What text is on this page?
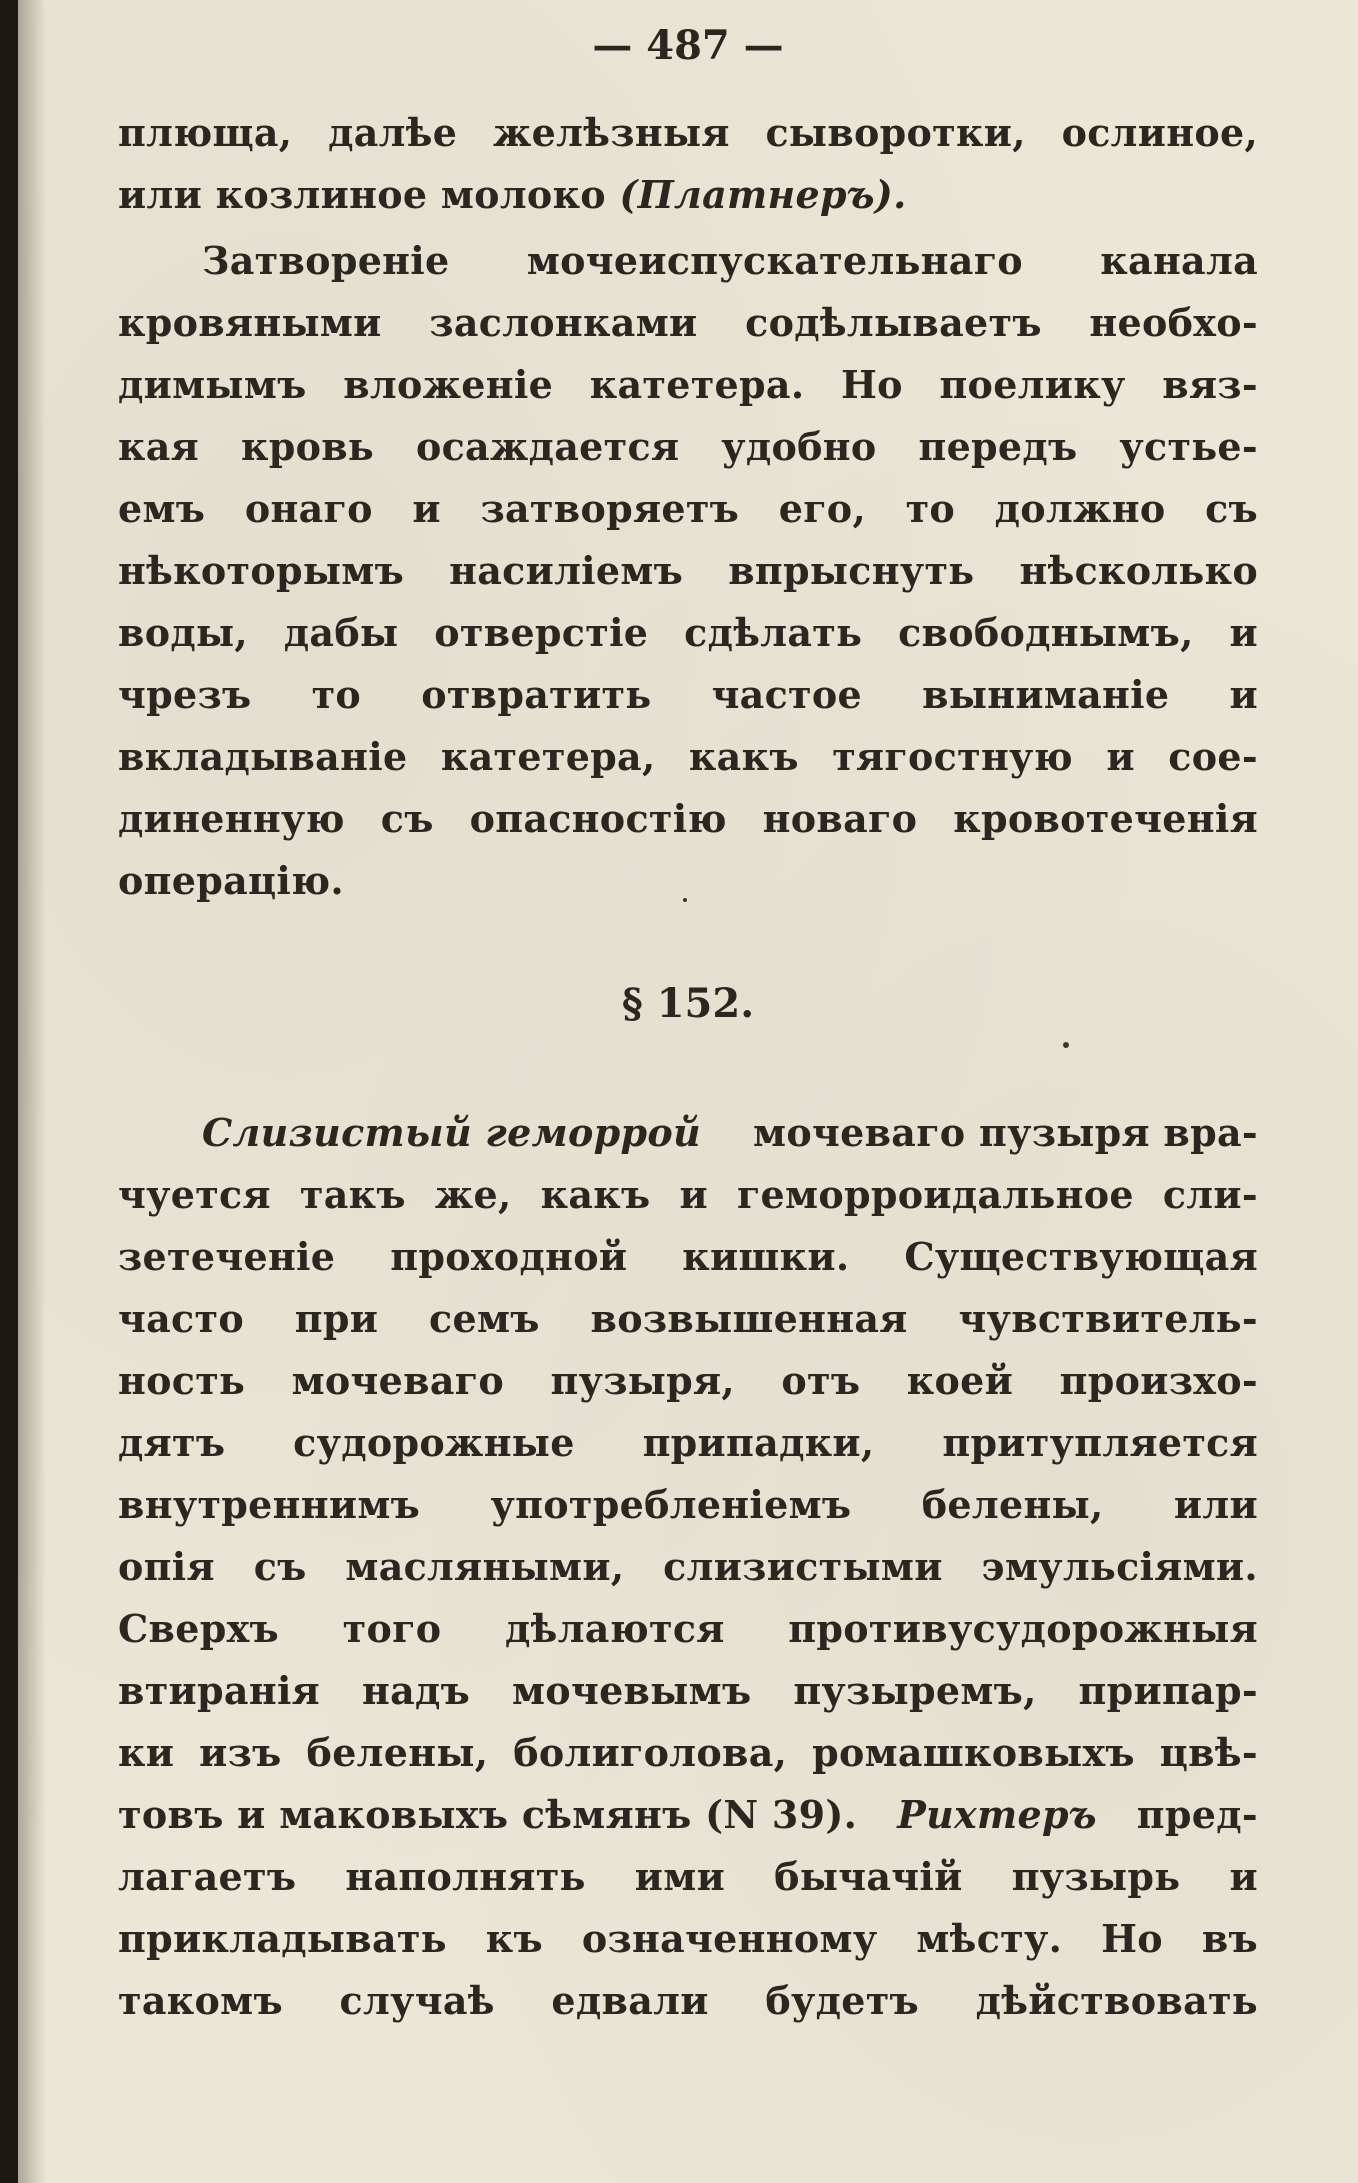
— 487 —
плюща, далѣе желѣзныя сыворотки, ослиное,
или козлиное молоко (Платнеръ).
Затвореніе мочеиспускательнаго канала
кровяными заслонками содѣлываетъ необхо-
димымъ вложеніе катетера. Но поелику вяз-
кая кровь осаждается удобно передъ устье-
емъ онаго и затворяетъ его, то должно съ
нѣкоторымъ насиліемъ впрыснуть нѣсколько
воды, дабы отверстіе сдѣлать свободнымъ, и
чрезъ то отвратить частое выниманіе и
вкладываніе катетера, какъ тягостную и сое-
диненную съ опасностію новаго кровотеченія
операцію.
§ 152.
Слизистый геморрой мочеваго пузыря вра-
чуется такъ же, какъ и геморроидальное сли-
зетеченіе проходной кишки. Существующая
часто при семъ возвышенная чувствитель-
ность мочеваго пузыря, отъ коей произхо-
дятъ судорожные припадки, притупляется
внутреннимъ употребленіемъ белены, или
опія съ масляными, слизистыми эмульсіями.
Сверхъ того дѣлаются противусудорожныя
втиранія надъ мочевымъ пузыремъ, припар-
ки изъ белены, болиголова, ромашковыхъ цвѣ-
товъ и маковыхъ сѣмянъ (N 39). Рихтеръ пред-
лагаетъ наполнять ими бычачій пузырь и
прикладывать къ означенному мѣсту. Но въ
такомъ случаѣ едвали будетъ дѣйствовать
